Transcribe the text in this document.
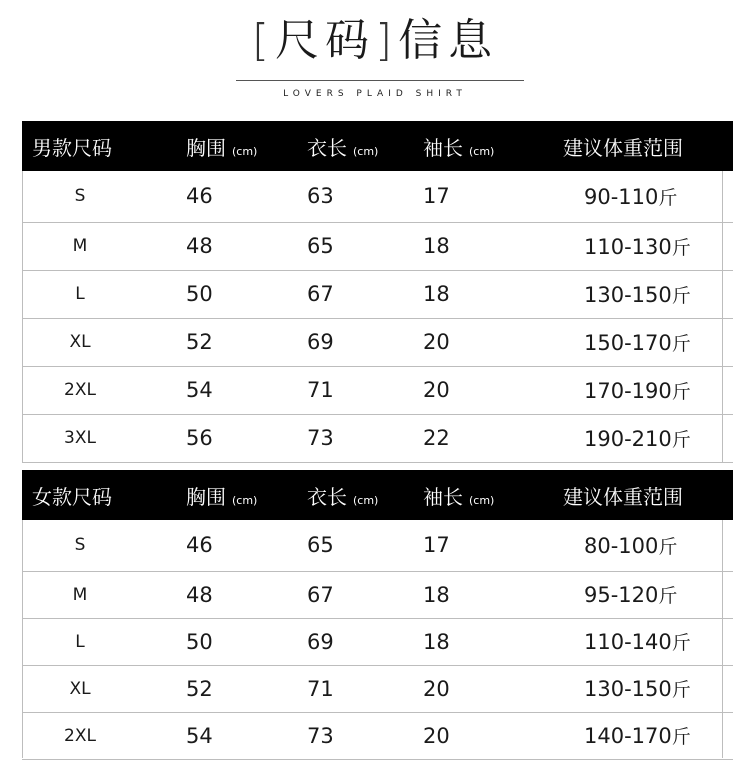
[尺码]信息
LOVERS PLAID SHIRT
男款尺码	胸围 (cm)	衣长 (cm)	袖长 (cm)	建议体重范围
S	46	63	17	90-110斤
M	48	65	18	110-130斤
L	50	67	18	130-150斤
XL	52	69	20	150-170斤
2XL	54	71	20	170-190斤
3XL	56	73	22	190-210斤
女款尺码	胸围 (cm)	衣长 (cm)	袖长 (cm)	建议体重范围
S	46	65	17	80-100斤
M	48	67	18	95-120斤
L	50	69	18	110-140斤
XL	52	71	20	130-150斤
2XL	54	73	20	140-170斤
